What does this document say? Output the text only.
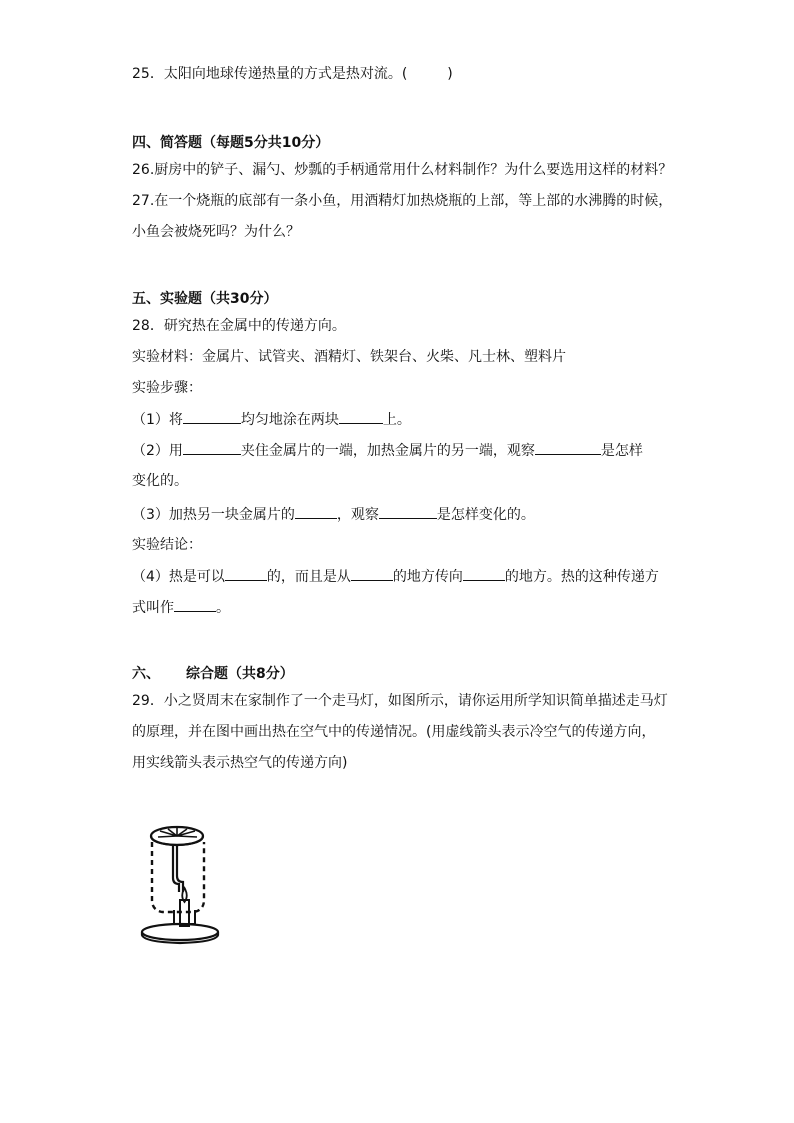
25．太阳向地球传递热量的方式是热对流。(	)
四、简答题（每题5分共10分）
26.厨房中的铲子、漏勺、炒瓢的手柄通常用什么材料制作？为什么要选用这样的材料？
27.在一个烧瓶的底部有一条小鱼，用酒精灯加热烧瓶的上部，等上部的水沸腾的时候，
小鱼会被烧死吗？为什么？
五、实验题（共30分）
28．研究热在金属中的传递方向。
实验材料：金属片、试管夹、酒精灯、铁架台、火柴、凡士林、塑料片
实验步骤：
（1）将	均匀地涂在两块	上。
（2）用	夹住金属片的一端，加热金属片的另一端，观察	是怎样
变化的。
（3）加热另一块金属片的	，观察	是怎样变化的。
实验结论：
（4）热是可以	的，而且是从	的地方传向	的地方。热的这种传递方
式叫作	。
六、 综合题（共8分）
29．小之贤周末在家制作了一个走马灯，如图所示，请你运用所学知识简单描述走马灯
的原理，并在图中画出热在空气中的传递情况。(用虚线箭头表示冷空气的传递方向，
用实线箭头表示热空气的传递方向)
